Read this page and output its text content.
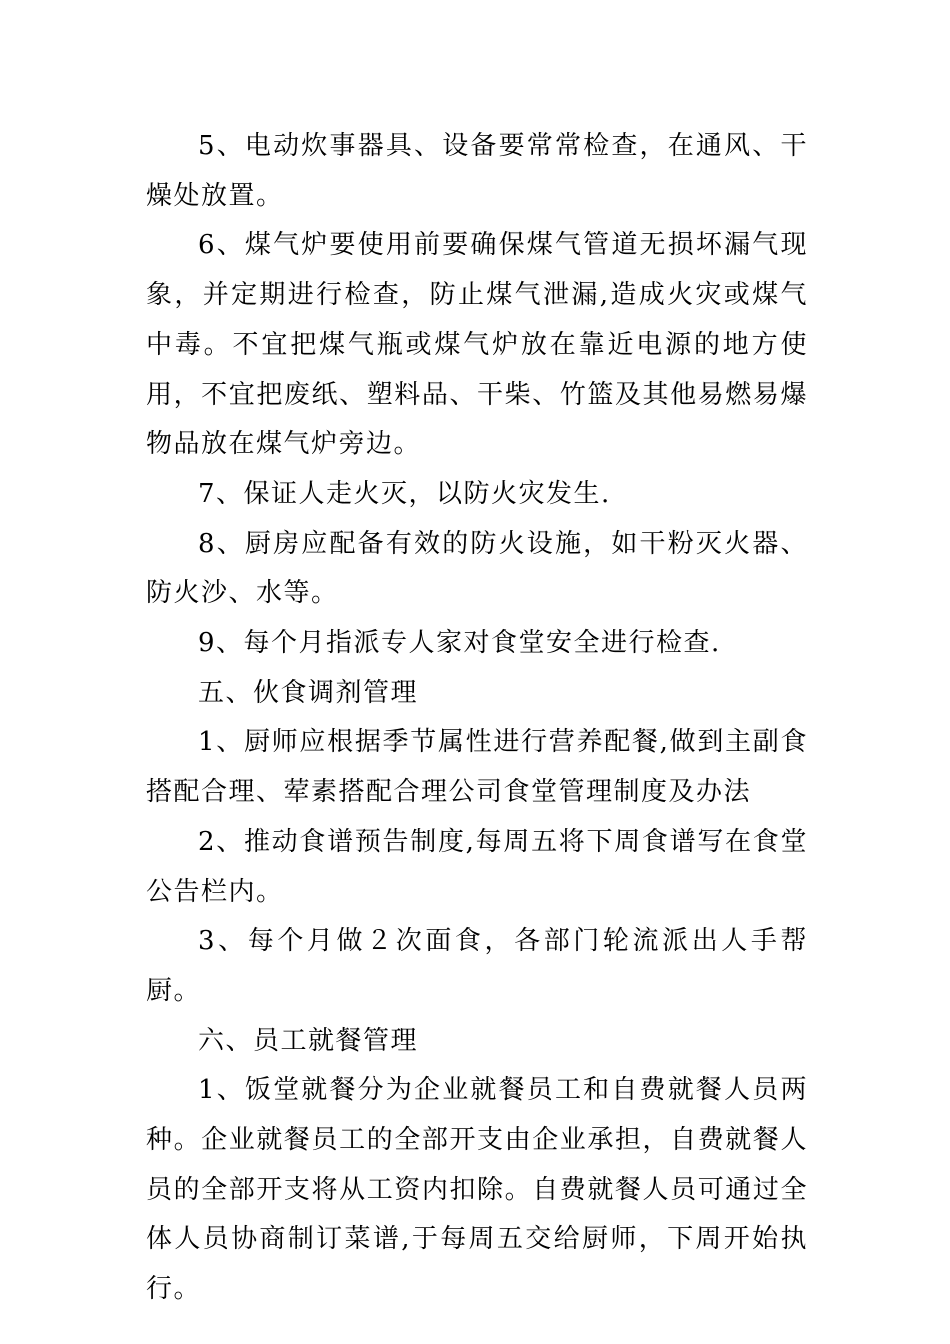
5、电动炊事器具、设备要常常检查，在通风、干燥处放置。

6、煤气炉要使用前要确保煤气管道无损坏漏气现象，并定期进行检查，防止煤气泄漏,造成火灾或煤气中毒。不宜把煤气瓶或煤气炉放在靠近电源的地方使用，不宜把废纸、塑料品、干柴、竹篮及其他易燃易爆物品放在煤气炉旁边。

7、保证人走火灭，以防火灾发生.

8、厨房应配备有效的防火设施，如干粉灭火器、防火沙、水等。

9、每个月指派专人家对食堂安全进行检查.

五、伙食调剂管理

1、厨师应根据季节属性进行营养配餐,做到主副食搭配合理、荤素搭配合理公司食堂管理制度及办法

2、推动食谱预告制度,每周五将下周食谱写在食堂公告栏内。

3、每个月做２次面食，各部门轮流派出人手帮厨。

六、员工就餐管理

1、饭堂就餐分为企业就餐员工和自费就餐人员两种。企业就餐员工的全部开支由企业承担，自费就餐人员的全部开支将从工资内扣除。自费就餐人员可通过全体人员协商制订菜谱,于每周五交给厨师，下周开始执行。
